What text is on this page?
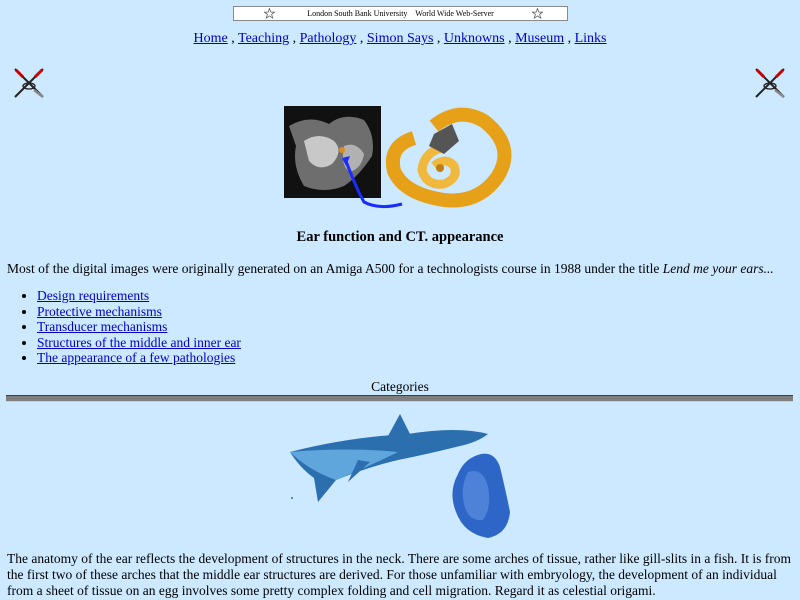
London South Bank University World Wide Web-Server
Home , Teaching , Pathology , Simon Says , Unknowns , Museum , Links
Ear function and CT. appearance
Most of the digital images were originally generated on an Amiga A500 for a technologists course in 1988 under the title Lend me your ears...
• Design requirements
• Protective mechanisms
• Transducer mechanisms
• Structures of the middle and inner ear
• The appearance of a few pathologies
Categories
The anatomy of the ear reflects the development of structures in the neck. There are some arches of tissue, rather like gill-slits in a fish. It is from the first two of these arches that the middle ear structures are derived. For those unfamiliar with embryology, the development of an individual from a sheet of tissue on an egg involves some pretty complex folding and cell migration. Regard it as celestial origami.
